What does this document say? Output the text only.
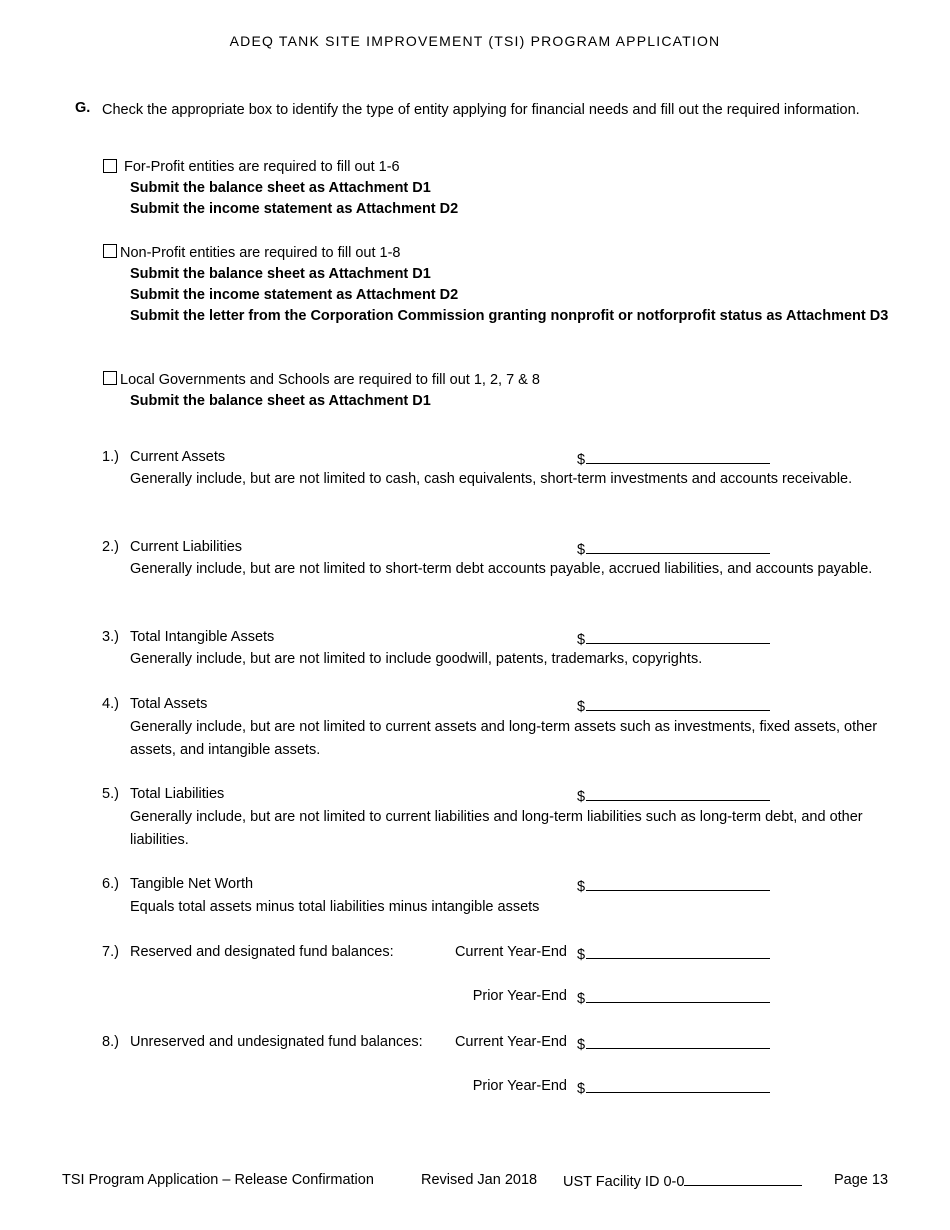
ADEQ TANK SITE IMPROVEMENT (TSI) PROGRAM APPLICATION
G. Check the appropriate box to identify the type of entity applying for financial needs and fill out the required information.
For-Profit entities are required to fill out 1-6
Submit the balance sheet as Attachment D1
Submit the income statement as Attachment D2
Non-Profit entities are required to fill out 1-8
Submit the balance sheet as Attachment D1
Submit the income statement as Attachment D2
Submit the letter from the Corporation Commission granting nonprofit or notforprofit status as Attachment D3
Local Governments and Schools are required to fill out 1, 2, 7 & 8
Submit the balance sheet as Attachment D1
1.) Current Assets	$
Generally include, but are not limited to cash, cash equivalents, short-term investments and accounts receivable.
2.) Current Liabilities	$
Generally include, but are not limited to short-term debt accounts payable, accrued liabilities, and accounts payable.
3.) Total Intangible Assets	$
Generally include, but are not limited to include goodwill, patents, trademarks, copyrights.
4.) Total Assets	$
Generally include, but are not limited to current assets and long-term assets such as investments, fixed assets, other assets, and intangible assets.
5.) Total Liabilities	$
Generally include, but are not limited to current liabilities and long-term liabilities such as long-term debt, and other liabilities.
6.) Tangible Net Worth	$
Equals total assets minus total liabilities minus intangible assets
7.) Reserved and designated fund balances:	Current Year-End $
Prior Year-End $
8.) Unreserved and undesignated fund balances: Current Year-End $
Prior Year-End $
TSI Program Application – Release Confirmation	Revised Jan 2018 UST Facility ID 0-0	Page 13
